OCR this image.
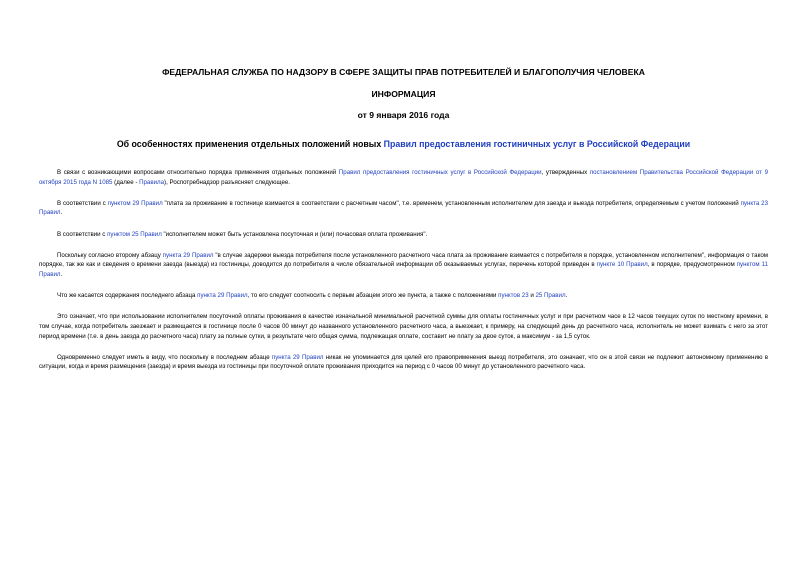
ФЕДЕРАЛЬНАЯ СЛУЖБА ПО НАДЗОРУ В СФЕРЕ ЗАЩИТЫ ПРАВ ПОТРЕБИТЕЛЕЙ И БЛАГОПОЛУЧИЯ ЧЕЛОВЕКА
ИНФОРМАЦИЯ
от 9 января 2016 года
Об особенностях применения отдельных положений новых Правил предоставления гостиничных услуг в Российской Федерации

В связи с возникающими вопросами относительно порядка применения отдельных положений Правил предоставления гостиничных услуг в Российской Федерации, утвержденных постановлением Правительства Российской Федерации от 9 октября 2015 года N 1085 (далее - Правила), Роспотребнадзор разъясняет следующее.

В соответствии с пунктом 29 Правил "плата за проживание в гостинице взимается в соответствии с расчетным часом", т.е. временем, установленным исполнителем для заезда и выезда потребителя, определяемым с учетом положений пункта 23 Правил.

В соответствии с пунктом 25 Правил "исполнителем может быть установлена посуточная и (или) почасовая оплата проживания".

Поскольку согласно второму абзацу пункта 29 Правил "в случае задержки выезда потребителя после установленного расчетного часа плата за проживание взимается с потребителя в порядке, установленном исполнителем", информация о таком порядке, так же как и сведения о времени заезда (выезда) из гостиницы, доводится до потребителя в числе обязательной информации об оказываемых услугах, перечень которой приведен в пункте 10 Правил, в порядке, предусмотренном пунктом 11 Правил.

Что же касается содержания последнего абзаца пункта 29 Правил, то его следует соотносить с первым абзацем этого же пункта, а также с положениями пунктов 23 и 25 Правил.

Это означает, что при использовании исполнителем посуточной оплаты проживания в качестве изначальной минимальной расчетной суммы для оплаты гостиничных услуг и при расчетном часе в 12 часов текущих суток по местному времени, в том случае, когда потребитель заезжает и размещается в гостинице после 0 часов 00 минут до названного установленного расчетного часа, а выезжает, к примеру, на следующий день до расчетного часа, исполнитель не может взимать с него за этот период времени (т.е. в день заезда до расчетного часа) плату за полные сутки, в результате чего общая сумма, подлежащая оплате, составит не плату за двое суток, а максимум - за 1,5 суток.

Одновременно следует иметь в виду, что поскольку в последнем абзаце пункта 29 Правил никак не упоминается для целей его правоприменения выезд потребителя, это означает, что он в этой связи не подлежит автономному применению в ситуации, когда и время размещения (заезда) и время выезда из гостиницы при посуточной оплате проживания приходится на период с 0 часов 00 минут до установленного расчетного часа.
